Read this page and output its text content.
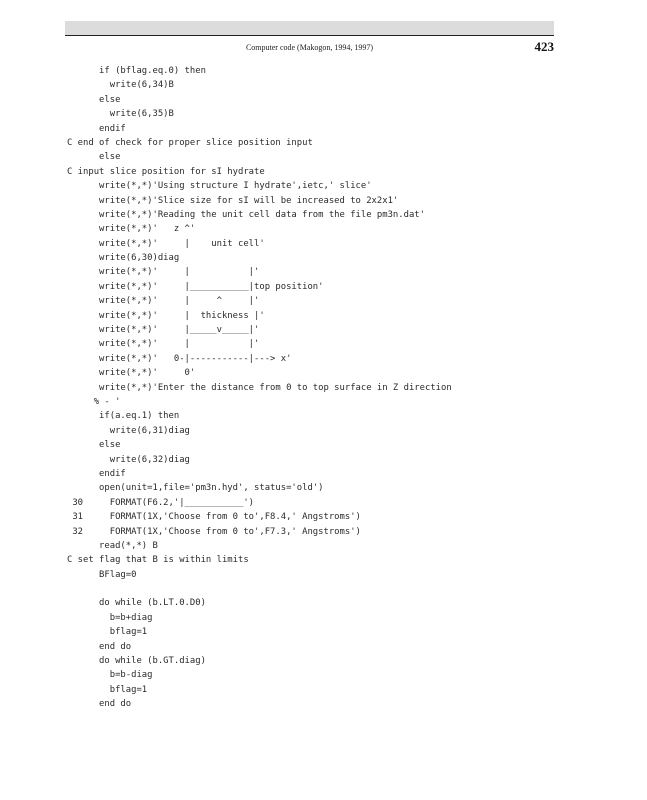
Computer code (Makogon, 1994, 1997)	423
if (bflag.eq.0) then
write(6,34)B
else
write(6,35)B
endif
C end of check for proper slice position input
else
C input slice position for sI hydrate
write(*,*)'Using structure I hydrate',ietc,' slice'
write(*,*)'Slice size for sI will be increased to 2x2x1'
write(*,*)'Reading the unit cell data from the file pm3n.dat'
write(*,*)'   z ^'
write(*,*)'     |    unit cell'
write(6,30)diag
write(*,*)'     |           |'
write(*,*)'     |___________|top position'
write(*,*)'     |     ^     |'
write(*,*)'     |  thickness |'
write(*,*)'     |_____v_____|'
write(*,*)'     |           |'
write(*,*)'   0-|-----------|---> x'
write(*,*)'     0'
write(*,*)'Enter the distance from 0 to top surface in Z direction
% - '
if(a.eq.1) then
write(6,31)diag
else
write(6,32)diag
endif
open(unit=1,file='pm3n.hyd', status='old')
30     FORMAT(F6.2,'|___________')
31     FORMAT(1X,'Choose from 0 to',F8.4,' Angstroms')
32     FORMAT(1X,'Choose from 0 to',F7.3,' Angstroms')
read(*,*) B
C set flag that B is within limits
BFlag=0
do while (b.LT.0.D0)
b=b+diag
bflag=1
end do
do while (b.GT.diag)
b=b-diag
bflag=1
end do
